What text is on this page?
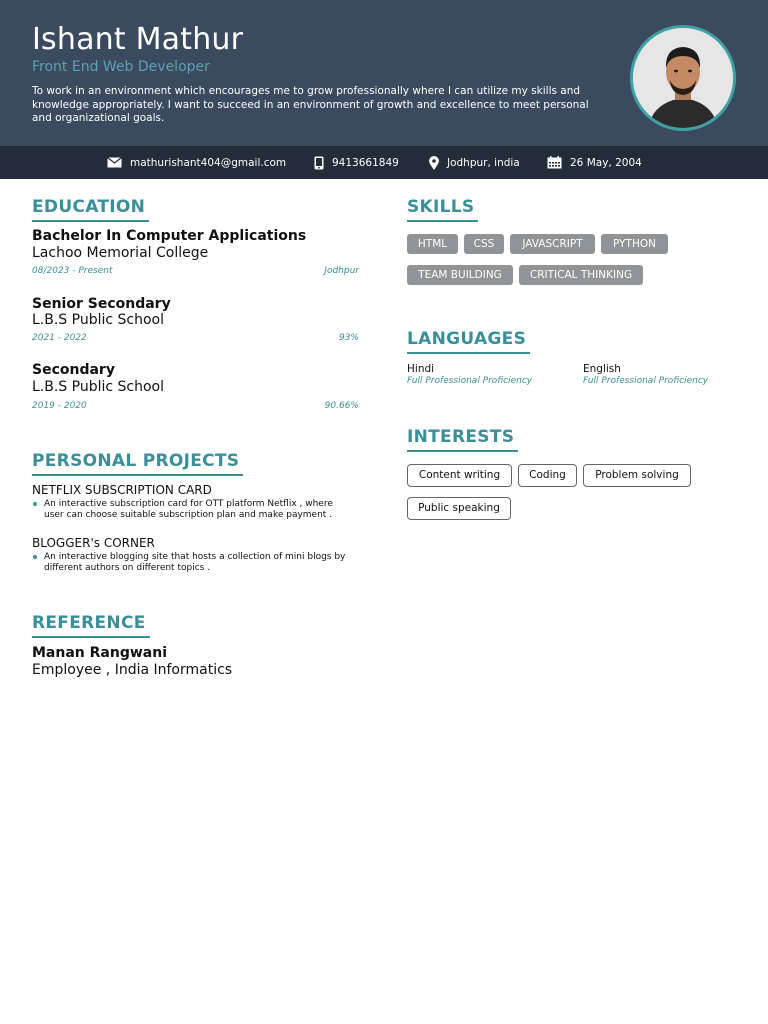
Ishant Mathur
Front End Web Developer
To work in an environment which encourages me to grow professionally where I can utilize my skills and knowledge appropriately. I want to succeed in an environment of growth and excellence to meet personal and organizational goals.
mathurishant404@gmail.com	9413661849	Jodhpur, india	26 May, 2004
EDUCATION
Bachelor In Computer Applications
Lachoo Memorial College
08/2023 - Present	Jodhpur
Senior Secondary
L.B.S Public School
2021 - 2022	93%
Secondary
L.B.S Public School
2019 - 2020	90.66%
PERSONAL PROJECTS
NETFLIX SUBSCRIPTION CARD
An interactive subscription card for OTT platform Netflix , where
user can choose suitable subscription plan and make payment .
BLOGGER's CORNER
An interactive blogging site that hosts a collection of mini blogs by
different authors on different topics .
REFERENCE
Manan Rangwani
Employee , India Informatics
SKILLS
HTML	CSS	JAVASCRIPT	PYTHON
TEAM BUILDING	CRITICAL THINKING
LANGUAGES
Hindi
Full Professional Proficiency
English
Full Professional Proficiency
INTERESTS
Content writing	Coding	Problem solving
Public speaking
